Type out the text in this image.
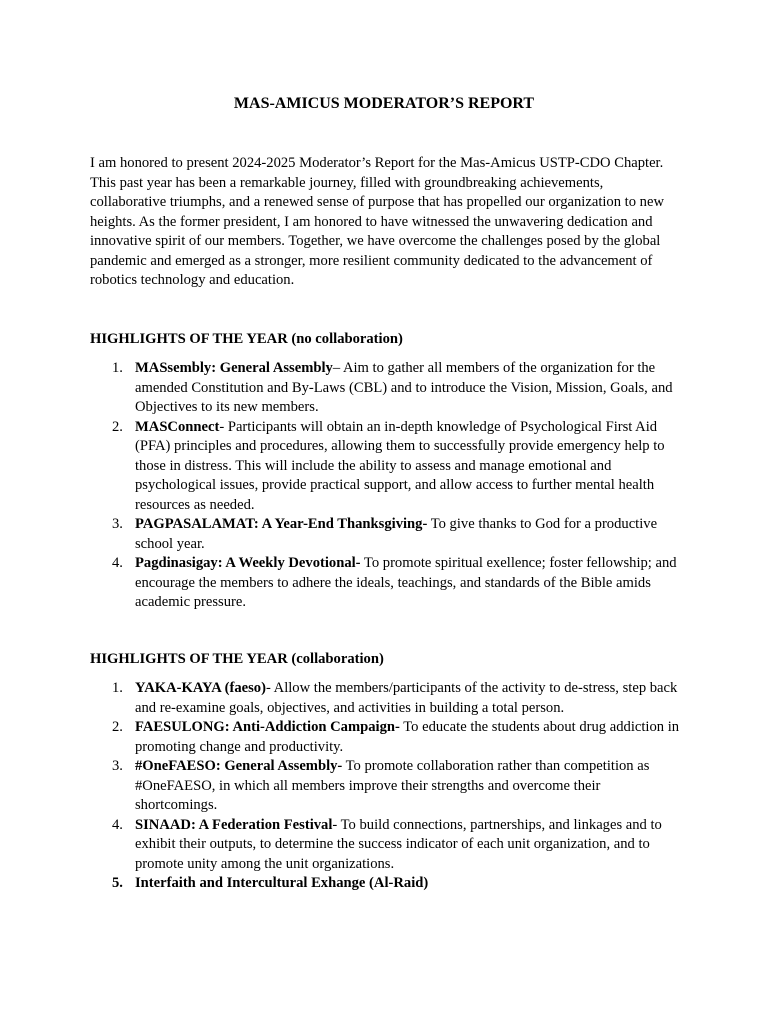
MAS-AMICUS MODERATOR’S REPORT

I am honored to present 2024-2025 Moderator’s Report for the Mas-Amicus USTP-CDO Chapter. This past year has been a remarkable journey, filled with groundbreaking achievements, collaborative triumphs, and a renewed sense of purpose that has propelled our organization to new heights. As the former president, I am honored to have witnessed the unwavering dedication and innovative spirit of our members. Together, we have overcome the challenges posed by the global pandemic and emerged as a stronger, more resilient community dedicated to the advancement of robotics technology and education.

HIGHLIGHTS OF THE YEAR (no collaboration)
1. MASsembly: General Assembly– Aim to gather all members of the organization for the amended Constitution and By-Laws (CBL) and to introduce the Vision, Mission, Goals, and Objectives to its new members.
2. MASConnect- Participants will obtain an in-depth knowledge of Psychological First Aid (PFA) principles and procedures, allowing them to successfully provide emergency help to those in distress. This will include the ability to assess and manage emotional and psychological issues, provide practical support, and allow access to further mental health resources as needed.
3. PAGPASALAMAT: A Year-End Thanksgiving- To give thanks to God for a productive school year.
4. Pagdinasigay: A Weekly Devotional- To promote spiritual exellence; foster fellowship; and encourage the members to adhere the ideals, teachings, and standards of the Bible amids academic pressure.
HIGHLIGHTS OF THE YEAR (collaboration)
1. YAKA-KAYA (faeso)- Allow the members/participants of the activity to de-stress, step back and re-examine goals, objectives, and activities in building a total person.
2. FAESULONG: Anti-Addiction Campaign- To educate the students about drug addiction in promoting change and productivity.
3. #OneFAESO: General Assembly- To promote collaboration rather than competition as #OneFAESO, in which all members improve their strengths and overcome their shortcomings.
4. SINAAD: A Federation Festival- To build connections, partnerships, and linkages and to exhibit their outputs, to determine the success indicator of each unit organization, and to promote unity among the unit organizations.
5. Interfaith and Intercultural Exhange (Al-Raid)
